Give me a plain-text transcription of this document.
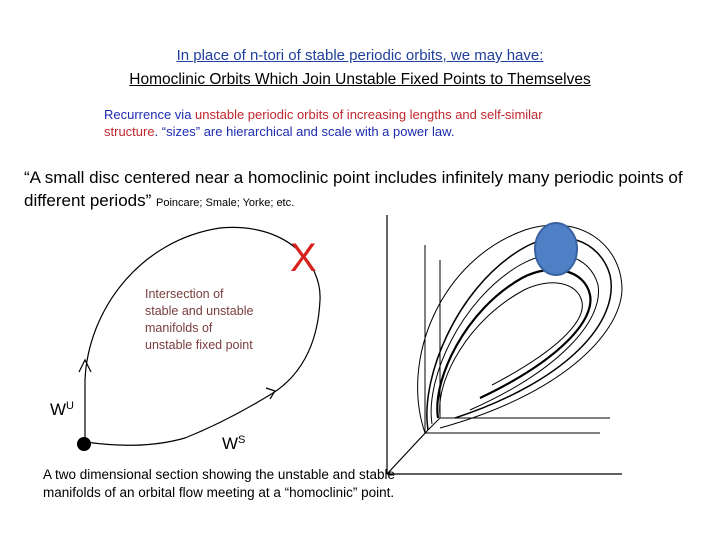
In place of n-tori of stable periodic orbits, we may have:
Homoclinic Orbits Which Join Unstable Fixed Points to Themselves
Recurrence via unstable periodic orbits of increasing lengths and self-similar structure. “sizes” are hierarchical and scale with a power law.
“A small disc centered near a homoclinic point includes infinitely many periodic points of different periods” Poincare; Smale; Yorke; etc.
X
Intersection of stable and unstable manifolds of unstable fixed point
$W^U$
$W^S$
A two dimensional section showing the unstable and stable manifolds of an orbital flow meeting at a “homoclinic” point.
